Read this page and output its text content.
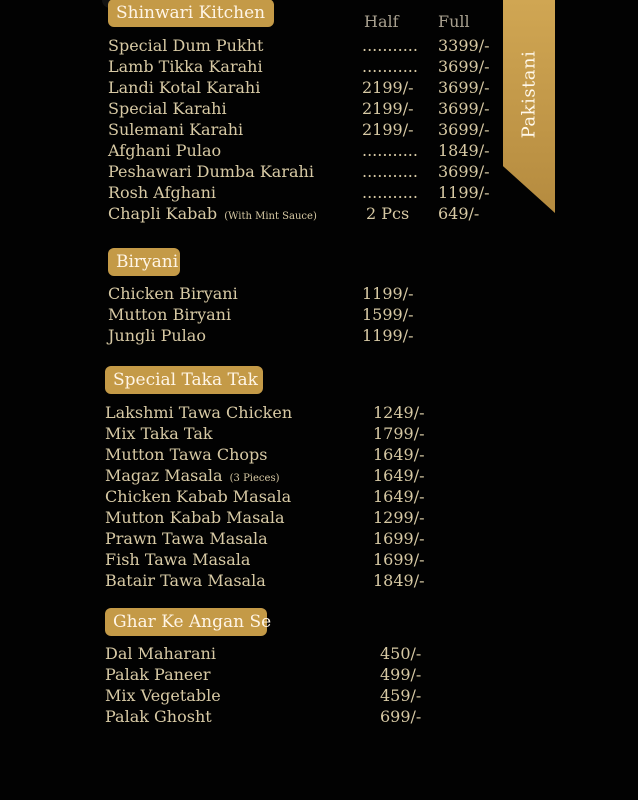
Pakistani
Shinwari Kitchen	Half Full
Special Dum Pukht	........... 3399/-
Lamb Tikka Karahi	........... 3699/-
Landi Kotal Karahi	2199/- 3699/-
Special Karahi	2199/- 3699/-
Sulemani Karahi	2199/- 3699/-
Afghani Pulao	........... 1849/-
Peshawari Dumba Karahi	........... 3699/-
Rosh Afghani	........... 1199/-
Chapli Kabab (With Mint Sauce)	2 Pcs 649/-
Biryani
Chicken Biryani	1199/-
Mutton Biryani	1599/-
Jungli Pulao	1199/-
Special Taka Tak
Lakshmi Tawa Chicken	1249/-
Mix Taka Tak	1799/-
Mutton Tawa Chops	1649/-
Magaz Masala (3 Pieces)	1649/-
Chicken Kabab Masala	1649/-
Mutton Kabab Masala	1299/-
Prawn Tawa Masala	1699/-
Fish Tawa Masala	1699/-
Batair Tawa Masala	1849/-
Ghar Ke Angan Se
Dal Maharani	450/-
Palak Paneer	499/-
Mix Vegetable	459/-
Palak Ghosht	699/-
